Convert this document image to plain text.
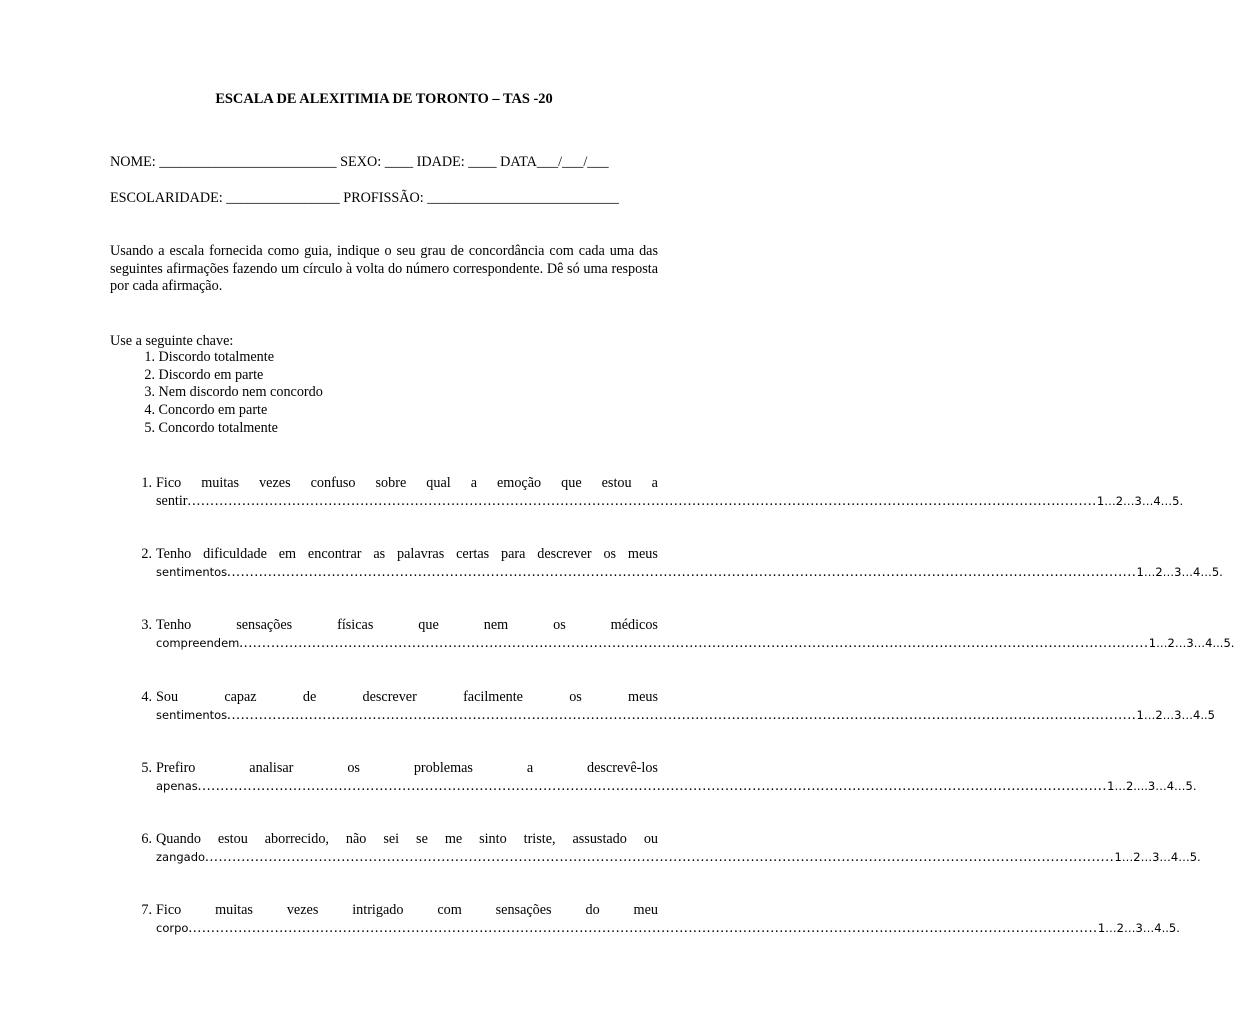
ESCALA DE ALEXITIMIA DE TORONTO – TAS -20
NOME: _________________________ SEXO: ____ IDADE: ____ DATA___/___/___
ESCOLARIDADE: ________________ PROFISSÃO: ___________________________
Usando a escala fornecida como guia, indique o seu grau de concordância com cada uma das seguintes afirmações fazendo um círculo à volta do número correspondente. Dê só uma resposta por cada afirmação.
Use a seguinte chave:
1. Discordo totalmente
2. Discordo em parte
3. Nem discordo nem concordo
4. Concordo em parte
5. Concordo totalmente
1. Fico muitas vezes confuso sobre qual a emoção que estou a
sentir ........................................................................................................................................................................................................ 1…2…3…4…5.
2. Tenho dificuldade em encontrar as palavras certas para descrever os meus
sentimentos ........................................................................................................................................................................................................ 1…2…3…4…5.
3. Tenho	sensações	físicas	que	nem	os	médicos
compreendem ........................................................................................................................................................................................................ 1…2…3…4...5.
4. Sou	capaz	de	descrever	facilmente	os	meus
sentimentos ........................................................................................................................................................................................................ 1…2…3…4..5
5. Prefiro	analisar	os	problemas	a	descrevê-los
apenas ........................................................................................................................................................................................................ 1…2....3…4…5.
6. Quando estou aborrecido, não sei se me sinto triste, assustado ou
zangado ........................................................................................................................................................................................................ 1…2…3…4…5.
7. Fico muitas vezes intrigado com sensações do meu
corpo ........................................................................................................................................................................................................ 1…2…3…4..5.
